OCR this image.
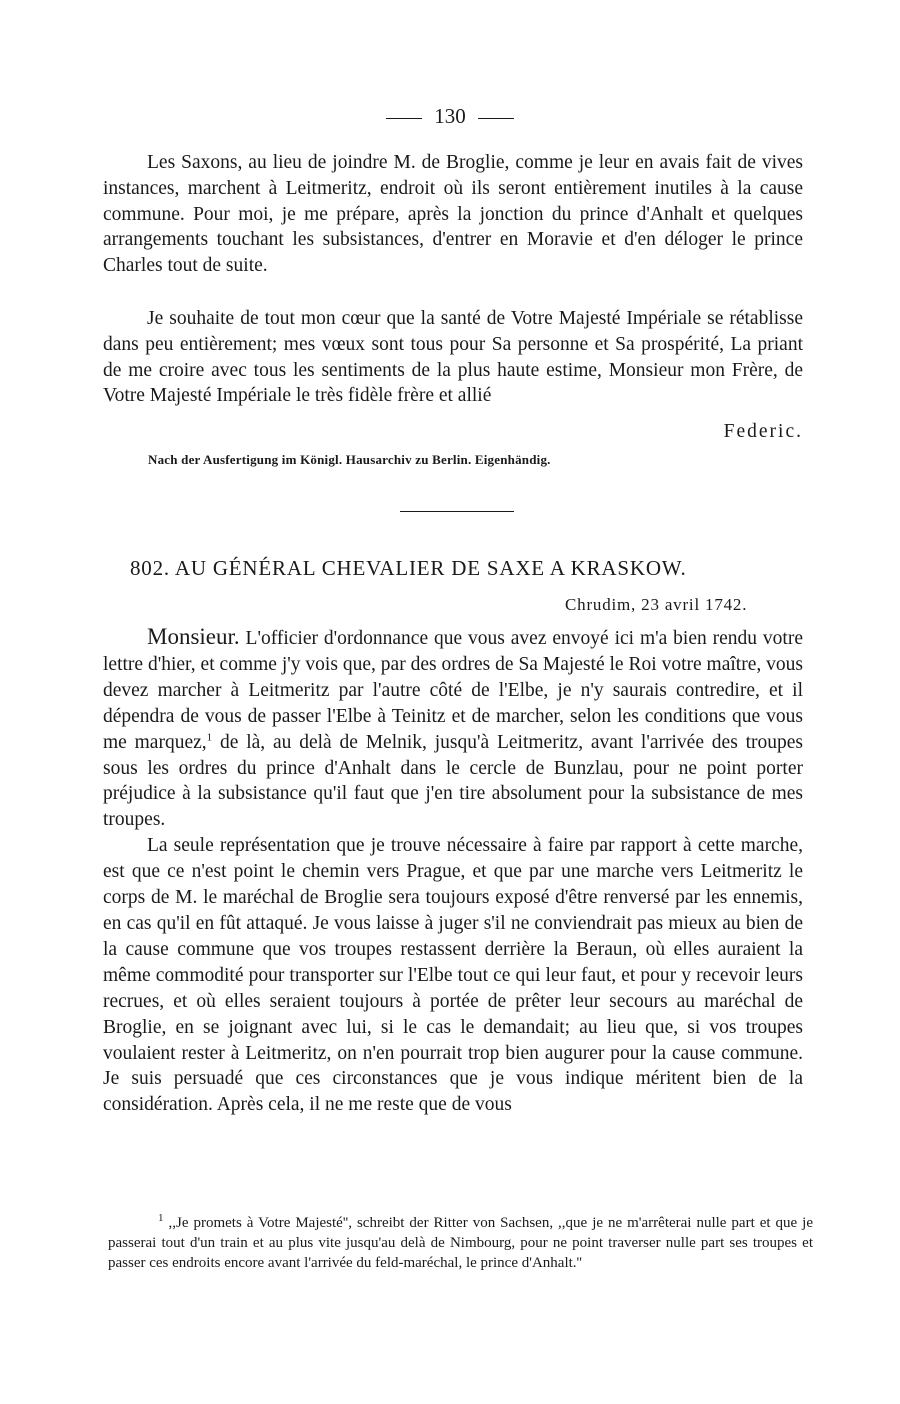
130

Les Saxons, au lieu de joindre M. de Broglie, comme je leur en avais fait de vives instances, marchent à Leitmeritz, endroit où ils seront entièrement inutiles à la cause commune. Pour moi, je me prépare, après la jonction du prince d'Anhalt et quelques arrangements touchant les subsistances, d'entrer en Moravie et d'en déloger le prince Charles tout de suite.

Je souhaite de tout mon cœur que la santé de Votre Majesté Impériale se rétablisse dans peu entièrement; mes vœux sont tous pour Sa personne et Sa prospérité, La priant de me croire avec tous les sentiments de la plus haute estime, Monsieur mon Frère, de Votre Majesté Impériale le très fidèle frère et allié

Federic.
Nach der Ausfertigung im Königl. Hausarchiv zu Berlin. Eigenhändig.
802. AU GÉNÉRAL CHEVALIER DE SAXE A KRASKOW.
Chrudim, 23 avril 1742.

Monsieur. L'officier d'ordonnance que vous avez envoyé ici m'a bien rendu votre lettre d'hier, et comme j'y vois que, par des ordres de Sa Majesté le Roi votre maître, vous devez marcher à Leitmeritz par l'autre côté de l'Elbe, je n'y saurais contredire, et il dépendra de vous de passer l'Elbe à Teinitz et de marcher, selon les conditions que vous me marquez,$^1$ de là, au delà de Melnik, jusqu'à Leitmeritz, avant l'arrivée des troupes sous les ordres du prince d'Anhalt dans le cercle de Bunzlau, pour ne point porter préjudice à la subsistance qu'il faut que j'en tire absolument pour la subsistance de mes troupes.

La seule représentation que je trouve nécessaire à faire par rapport à cette marche, est que ce n'est point le chemin vers Prague, et que par une marche vers Leitmeritz le corps de M. le maréchal de Broglie sera toujours exposé d'être renversé par les ennemis, en cas qu'il en fût attaqué. Je vous laisse à juger s'il ne conviendrait pas mieux au bien de la cause commune que vos troupes restassent derrière la Beraun, où elles auraient la même commodité pour transporter sur l'Elbe tout ce qui leur faut, et pour y recevoir leurs recrues, et où elles seraient toujours à portée de prêter leur secours au maréchal de Broglie, en se joignant avec lui, si le cas le demandait; au lieu que, si vos troupes voulaient rester à Leitmeritz, on n'en pourrait trop bien augurer pour la cause commune. Je suis persuadé que ces circonstances que je vous indique méritent bien de la considération. Après cela, il ne me reste que de vous

$^1$ ,,Je promets à Votre Majesté'', schreibt der Ritter von Sachsen, ,,que je ne m'arrêterai nulle part et que je passerai tout d'un train et au plus vite jusqu'au delà de Nimbourg, pour ne point traverser nulle part ses troupes et passer ces endroits encore avant l'arrivée du feld-maréchal, le prince d'Anhalt.''
